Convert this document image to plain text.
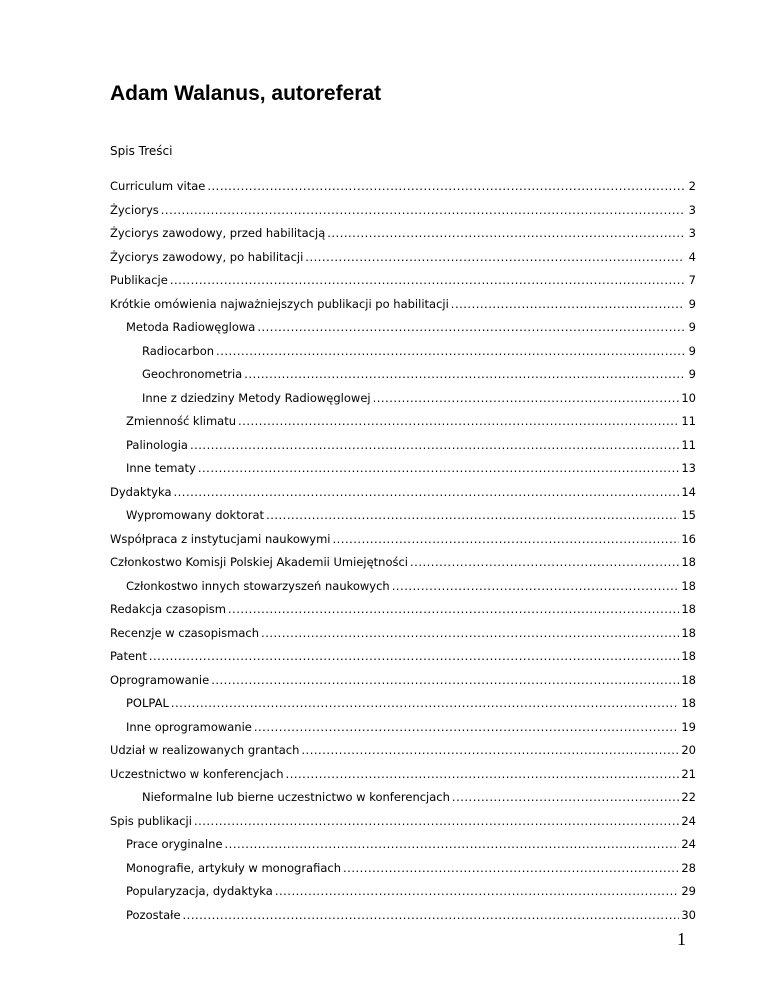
Adam Walanus, autoreferat
Spis Treści
Curriculum vitae .....	2
Życiorys .....	3
Życiorys zawodowy, przed habilitacją .....	3
Życiorys zawodowy, po habilitacji .....	4
Publikacje .....	7
Krótkie omówienia najważniejszych publikacji po habilitacji .....	9
Metoda Radiowęglowa .....	9
Radiocarbon .....	9
Geochronometria .....	9
Inne z dziedziny Metody Radiowęglowej .....	10
Zmienność klimatu .....	11
Palinologia .....	11
Inne tematy .....	13
Dydaktyka .....	14
Wypromowany doktorat .....	15
Współpraca z instytucjami naukowymi .....	16
Członkostwo Komisji Polskiej Akademii Umiejętności .....	18
Członkostwo innych stowarzyszeń naukowych .....	18
Redakcja czasopism .....	18
Recenzje w czasopismach .....	18
Patent .....	18
Oprogramowanie .....	18
POLPAL .....	18
Inne oprogramowanie .....	19
Udział w realizowanych grantach .....	20
Uczestnictwo w konferencjach .....	21
Nieformalne lub bierne uczestnictwo w konferencjach .....	22
Spis publikacji .....	24
Prace oryginalne .....	24
Monografie, artykuły w monografiach .....	28
Popularyzacja, dydaktyka .....	29
Pozostałe .....	30
1
